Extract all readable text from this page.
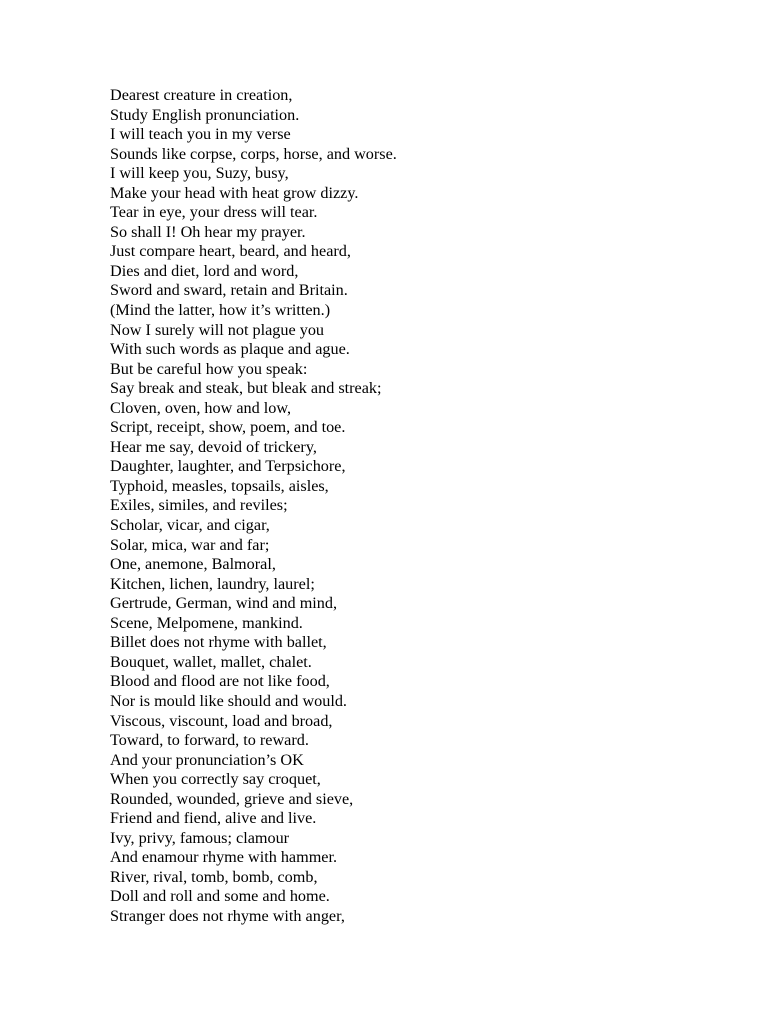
Dearest creature in creation,
Study English pronunciation.
I will teach you in my verse
Sounds like corpse, corps, horse, and worse.
I will keep you, Suzy, busy,
Make your head with heat grow dizzy.
Tear in eye, your dress will tear.
So shall I! Oh hear my prayer.
Just compare heart, beard, and heard,
Dies and diet, lord and word,
Sword and sward, retain and Britain.
(Mind the latter, how it’s written.)
Now I surely will not plague you
With such words as plaque and ague.
But be careful how you speak:
Say break and steak, but bleak and streak;
Cloven, oven, how and low,
Script, receipt, show, poem, and toe.
Hear me say, devoid of trickery,
Daughter, laughter, and Terpsichore,
Typhoid, measles, topsails, aisles,
Exiles, similes, and reviles;
Scholar, vicar, and cigar,
Solar, mica, war and far;
One, anemone, Balmoral,
Kitchen, lichen, laundry, laurel;
Gertrude, German, wind and mind,
Scene, Melpomene, mankind.
Billet does not rhyme with ballet,
Bouquet, wallet, mallet, chalet.
Blood and flood are not like food,
Nor is mould like should and would.
Viscous, viscount, load and broad,
Toward, to forward, to reward.
And your pronunciation’s OK
When you correctly say croquet,
Rounded, wounded, grieve and sieve,
Friend and fiend, alive and live.
Ivy, privy, famous; clamour
And enamour rhyme with hammer.
River, rival, tomb, bomb, comb,
Doll and roll and some and home.
Stranger does not rhyme with anger,
